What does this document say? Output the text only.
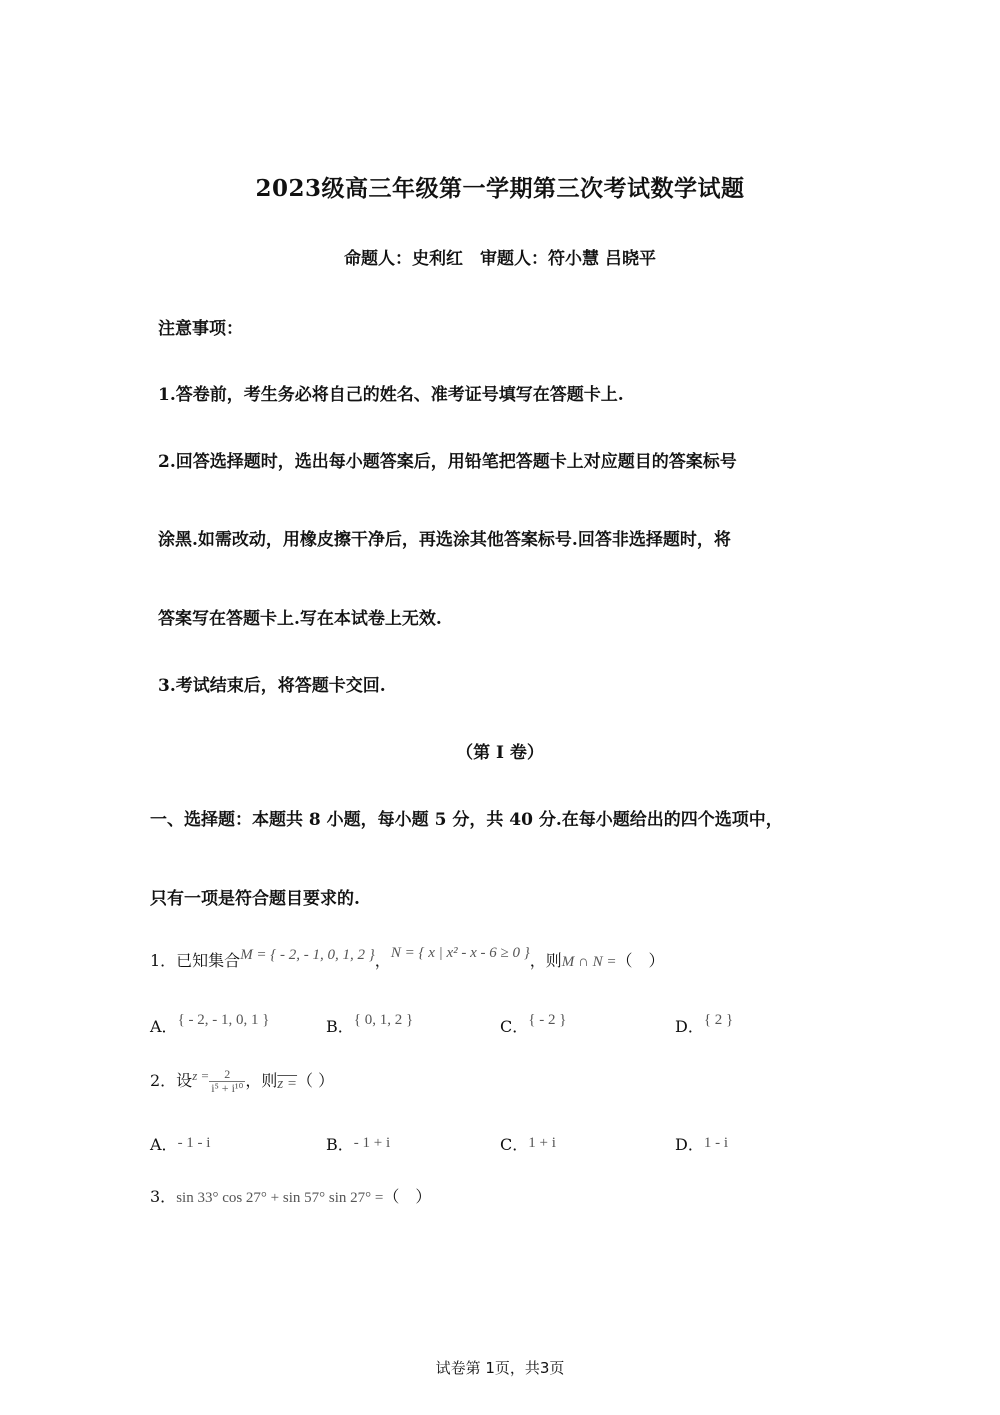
2023级高三年级第一学期第三次考试数学试题
命题人：史利红　审题人：符小慧 吕晓平
注意事项：
1.答卷前，考生务必将自己的姓名、准考证号填写在答题卡上.
2.回答选择题时，选出每小题答案后，用铅笔把答题卡上对应题目的答案标号
涂黑.如需改动，用橡皮擦干净后，再选涂其他答案标号.回答非选择题时，将
答案写在答题卡上.写在本试卷上无效.
3.考试结束后，将答题卡交回.
（第 I 卷）
一、选择题：本题共 8 小题，每小题 5 分，共 40 分.在每小题给出的四个选项中，
只有一项是符合题目要求的.
1．已知集合M = { - 2, - 1, 0, 1, 2 }，N = { x | x² - x - 6 ≥ 0 }，则M ∩ N =（　）
A．{ - 2, - 1, 0, 1 }	B．{ 0, 1, 2 }	C．{ - 2 }	D．{ 2 }
2．设$^{z =} \frac{2}{\text{i⁵ + i¹⁰}}$ ，则z =（ ）
A．- 1 - i	B．- 1 + i	C．1 + i	D．1 - i
3．sin 33° cos 27° + sin 57° sin 27° =（　）
试卷第 1页，共3页
